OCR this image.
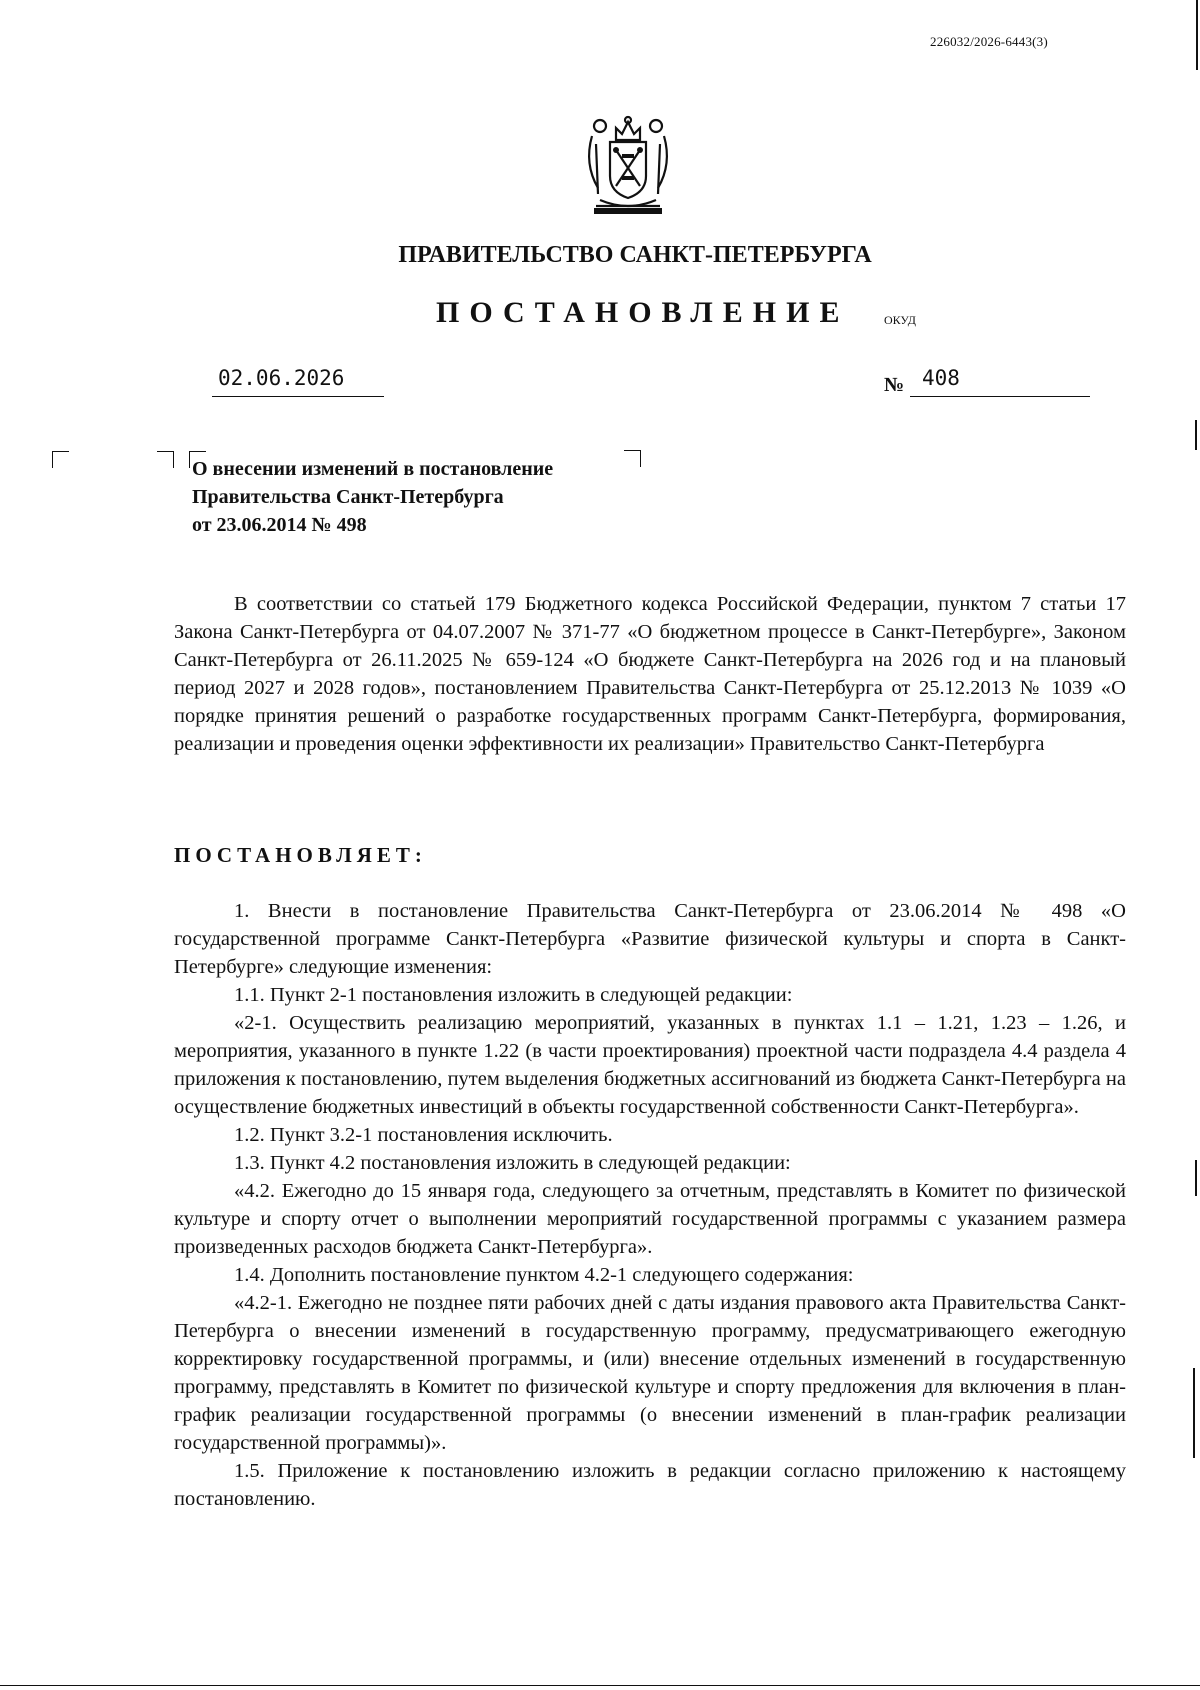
226032/2026-6443(3)
ПРАВИТЕЛЬСТВО САНКТ-ПЕТЕРБУРГА
ПОСТАНОВЛЕНИЕ	ОКУД
02.06.2026	№ 408
О внесении изменений в постановление
Правительства Санкт-Петербурга
от 23.06.2014 № 498

В соответствии со статьей 179 Бюджетного кодекса Российской Федерации, пунктом 7 статьи 17 Закона Санкт-Петербурга от 04.07.2007 № 371-77 «О бюджетном процессе в Санкт-Петербурге», Законом Санкт-Петербурга от 26.11.2025 № 659-124 «О бюджете Санкт-Петербурга на 2026 год и на плановый период 2027 и 2028 годов», постановлением Правительства Санкт-Петербурга от 25.12.2013 № 1039 «О порядке принятия решений о разработке государственных программ Санкт-Петербурга, формирования, реализации и проведения оценки эффективности их реализации» Правительство Санкт-Петербурга

ПОСТАНОВЛЯЕТ:

1. Внести в постановление Правительства Санкт-Петербурга от 23.06.2014 № 498 «О государственной программе Санкт-Петербурга «Развитие физической культуры и спорта в Санкт-Петербурге» следующие изменения:

1.1. Пункт 2-1 постановления изложить в следующей редакции:

«2-1. Осуществить реализацию мероприятий, указанных в пунктах 1.1 – 1.21, 1.23 – 1.26, и мероприятия, указанного в пункте 1.22 (в части проектирования) проектной части подраздела 4.4 раздела 4 приложения к постановлению, путем выделения бюджетных ассигнований из бюджета Санкт-Петербурга на осуществление бюджетных инвестиций в объекты государственной собственности Санкт-Петербурга».

1.2. Пункт 3.2-1 постановления исключить.

1.3. Пункт 4.2 постановления изложить в следующей редакции:

«4.2. Ежегодно до 15 января года, следующего за отчетным, представлять в Комитет по физической культуре и спорту отчет о выполнении мероприятий государственной программы с указанием размера произведенных расходов бюджета Санкт-Петербурга».

1.4. Дополнить постановление пунктом 4.2-1 следующего содержания:

«4.2-1. Ежегодно не позднее пяти рабочих дней с даты издания правового акта Правительства Санкт-Петербурга о внесении изменений в государственную программу, предусматривающего ежегодную корректировку государственной программы, и (или) внесение отдельных изменений в государственную программу, представлять в Комитет по физической культуре и спорту предложения для включения в план-график реализации государственной программы (о внесении изменений в план-график реализации государственной программы)».

1.5. Приложение к постановлению изложить в редакции согласно приложению к настоящему постановлению.
